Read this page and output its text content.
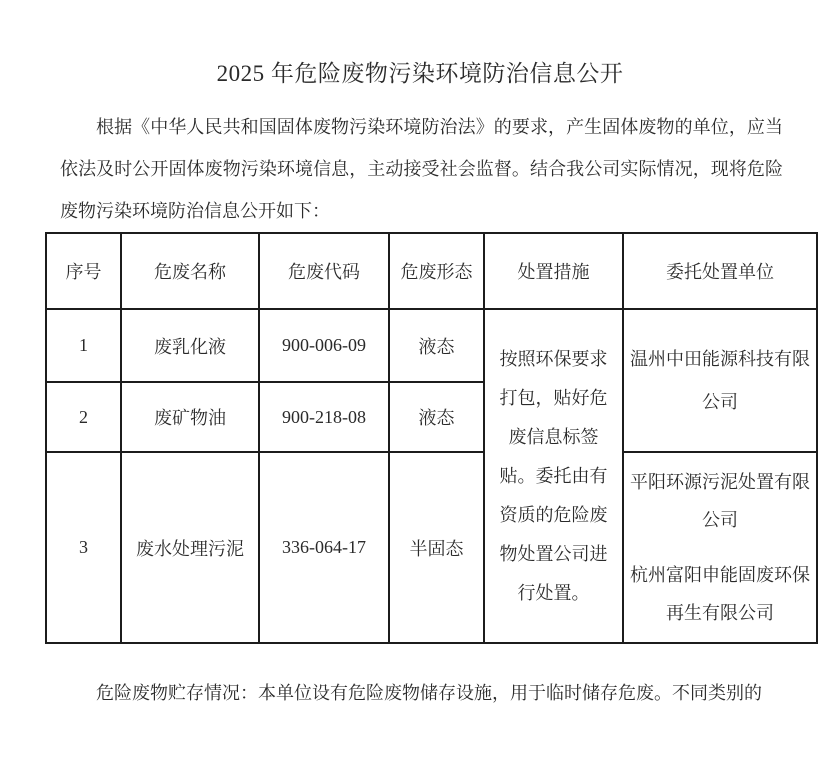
2025 年危险废物污染环境防治信息公开

根据《中华人民共和国固体废物污染环境防治法》的要求，产生固体废物的单位，应当依法及时公开固体废物污染环境信息，主动接受社会监督。结合我公司实际情况，现将危险废物污染环境防治信息公开如下：

序号	危废名称	危废代码	危废形态	处置措施	委托处置单位
1	废乳化液	900-006-09	液态	按照环保要求打包，贴好危废信息标签贴。委托由有资质的危险废物处置公司进行处置。	温州中田能源科技有限公司
2	废矿物油	900-218-08	液态		
3	废水处理污泥	336-064-17	半固态		平阳环源污泥处置有限公司
杭州富阳申能固废环保再生有限公司

危险废物贮存情况：本单位设有危险废物储存设施，用于临时储存危废。不同类别的
